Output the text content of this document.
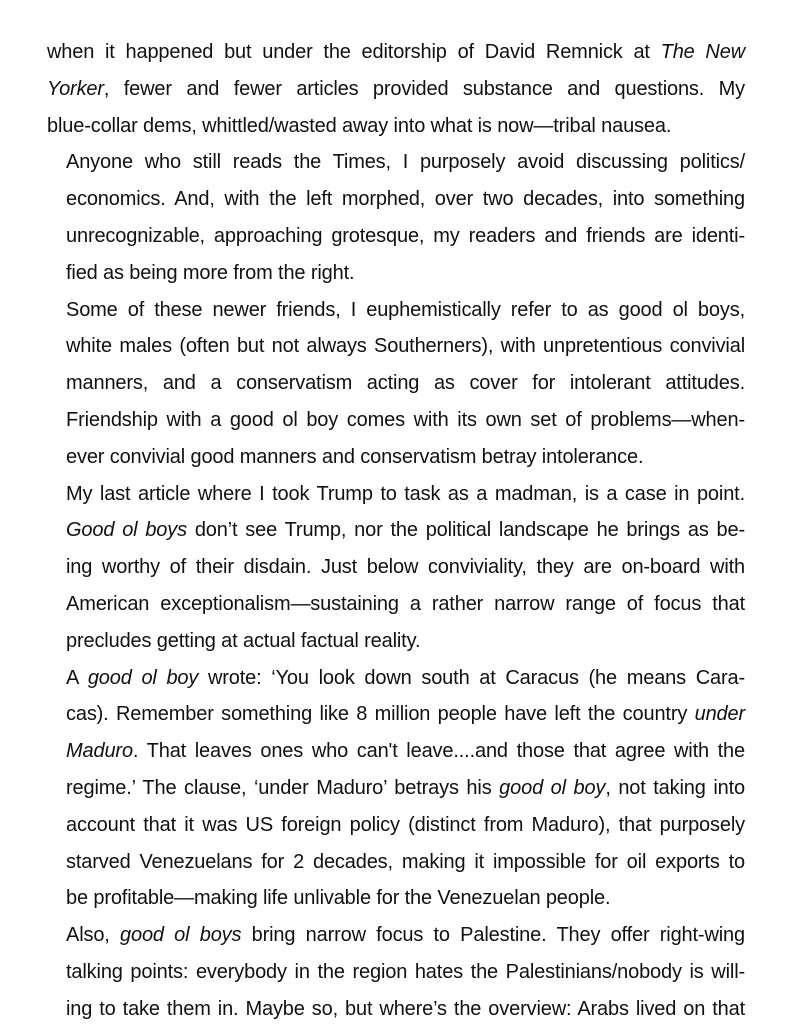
when it happened but under the editorship of David Remnick at The New
Yorker, fewer and fewer articles provided substance and questions. My
blue-collar dems, whittled/wasted away into what is now—tribal nausea.
Anyone who still reads the Times, I purposely avoid discussing politics/
economics. And, with the left morphed, over two decades, into something
unrecognizable, approaching grotesque, my readers and friends are identi-
fied as being more from the right.
Some of these newer friends, I euphemistically refer to as good ol boys,
white males (often but not always Southerners), with unpretentious convivial
manners, and a conservatism acting as cover for intolerant attitudes.
Friendship with a good ol boy comes with its own set of problems—when-
ever convivial good manners and conservatism betray intolerance.
My last article where I took Trump to task as a madman, is a case in point.
Good ol boys don’t see Trump, nor the political landscape he brings as be-
ing worthy of their disdain. Just below conviviality, they are on-board with
American exceptionalism—sustaining a rather narrow range of focus that
precludes getting at actual factual reality.
A good ol boy wrote: ‘You look down south at Caracus (he means Cara-
cas). Remember something like 8 million people have left the country under
Maduro. That leaves ones who can't leave....and those that agree with the
regime.’ The clause, ‘under Maduro’ betrays his good ol boy, not taking into
account that it was US foreign policy (distinct from Maduro), that purposely
starved Venezuelans for 2 decades, making it impossible for oil exports to
be profitable—making life unlivable for the Venezuelan people.
Also, good ol boys bring narrow focus to Palestine. They offer right-wing
talking points: everybody in the region hates the Palestinians/nobody is will-
ing to take them in. Maybe so, but where’s the overview: Arabs lived on that
